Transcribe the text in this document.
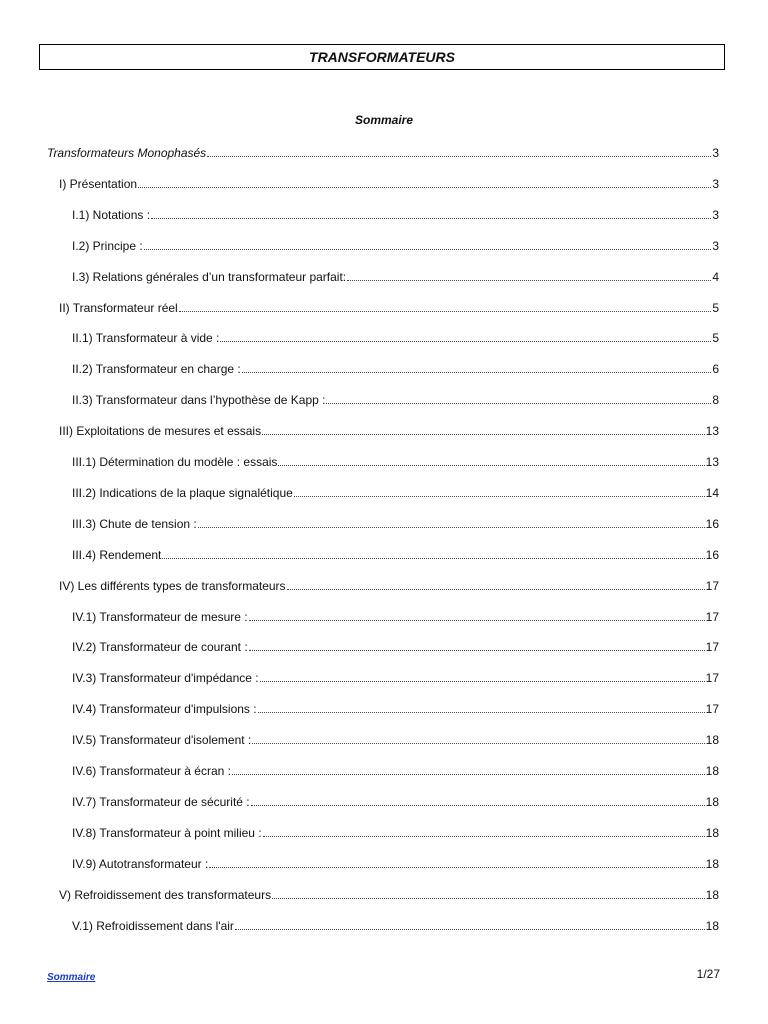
TRANSFORMATEURS
Sommaire
Transformateurs Monophasés	3
I) Présentation	3
I.1) Notations :	3
I.2) Principe :	3
I.3) Relations générales d’un transformateur parfait:	4
II) Transformateur réel	5
II.1) Transformateur à vide :	5
II.2) Transformateur en charge :	6
II.3) Transformateur dans l’hypothèse de Kapp :	8
III) Exploitations de mesures et essais	13
III.1) Détermination du modèle : essais	13
III.2) Indications de la plaque signalétique	14
III.3) Chute de tension :	16
III.4) Rendement	16
IV) Les différents types de transformateurs	17
IV.1) Transformateur de mesure :	17
IV.2) Transformateur de courant :	17
IV.3) Transformateur d'impédance :	17
IV.4) Transformateur d'impulsions :	17
IV.5) Transformateur d'isolement :	18
IV.6) Transformateur à écran :	18
IV.7) Transformateur de sécurité :	18
IV.8) Transformateur à point milieu :	18
IV.9) Autotransformateur :	18
V) Refroidissement des transformateurs	18
V.1) Refroidissement dans l'air	18
Sommaire	1/27
